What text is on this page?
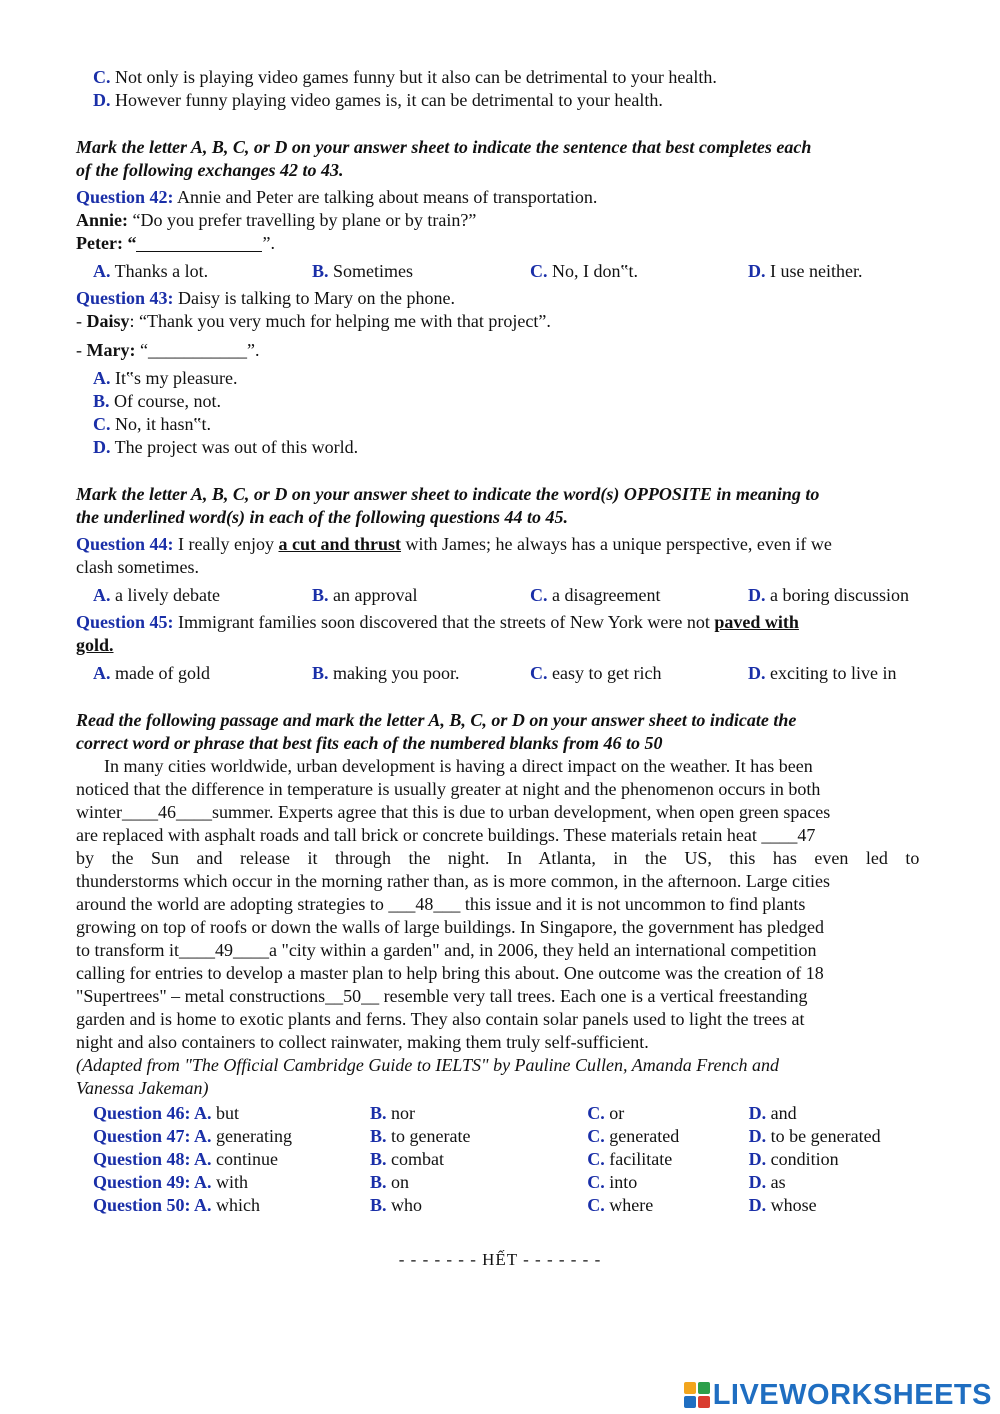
C. Not only is playing video games funny but it also can be detrimental to your health.
D. However funny playing video games is, it can be detrimental to your health.
Mark the letter A, B, C, or D on your answer sheet to indicate the sentence that best completes each
of the following exchanges 42 to 43.
Question 42: Annie and Peter are talking about means of transportation.
Annie: “Do you prefer travelling by plane or by train?”
Peter: “	”.
A. Thanks a lot.	B. Sometimes	C. No, I don‟t.	D. I use neither.
Question 43: Daisy is talking to Mary on the phone.
- Daisy: “Thank you very much for helping me with that project”.
- Mary: “___________”.
A. It‟s my pleasure.
B. Of course, not.
C. No, it hasn‟t.
D. The project was out of this world.
Mark the letter A, B, C, or D on your answer sheet to indicate the word(s) OPPOSITE in meaning to
the underlined word(s) in each of the following questions 44 to 45.
Question 44: I really enjoy a cut and thrust with James; he always has a unique perspective, even if we
clash sometimes.
A. a lively debate	B. an approval	C. a disagreement	D. a boring discussion
Question 45: Immigrant families soon discovered that the streets of New York were not paved with
gold.
A. made of gold	B. making you poor.	C. easy to get rich	D. exciting to live in
Read the following passage and mark the letter A, B, C, or D on your answer sheet to indicate the
correct word or phrase that best fits each of the numbered blanks from 46 to 50
In many cities worldwide, urban development is having a direct impact on the weather. It has been
noticed that the difference in temperature is usually greater at night and the phenomenon occurs in both
winter____46____summer. Experts agree that this is due to urban development, when open green spaces
are replaced with asphalt roads and tall brick or concrete buildings. These materials retain heat ____47
by the Sun and release it through the night. In Atlanta, in the US, this has even led to
thunderstorms which occur in the morning rather than, as is more common, in the afternoon. Large cities
around the world are adopting strategies to ___48___ this issue and it is not uncommon to find plants
growing on top of roofs or down the walls of large buildings. In Singapore, the government has pledged
to transform it____49____a "city within a garden" and, in 2006, they held an international competition
calling for entries to develop a master plan to help bring this about. One outcome was the creation of 18
"Supertrees" – metal constructions__50__ resemble very tall trees. Each one is a vertical freestanding
garden and is home to exotic plants and ferns. They also contain solar panels used to light the trees at
night and also containers to collect rainwater, making them truly self-sufficient.
(Adapted from "The Official Cambridge Guide to IELTS" by Pauline Cullen, Amanda French and
Vanessa Jakeman)
Question 46: A. but	B. nor	C. or	D. and
Question 47: A. generating	B. to generate	C. generated	D. to be generated
Question 48: A. continue	B. combat	C. facilitate	D. condition
Question 49: A. with	B. on	C. into	D. as
Question 50: A. which	B. who	C. where	D. whose
- - - - - - - HẾT - - - - - - -
LIVEWORKSHEETS
